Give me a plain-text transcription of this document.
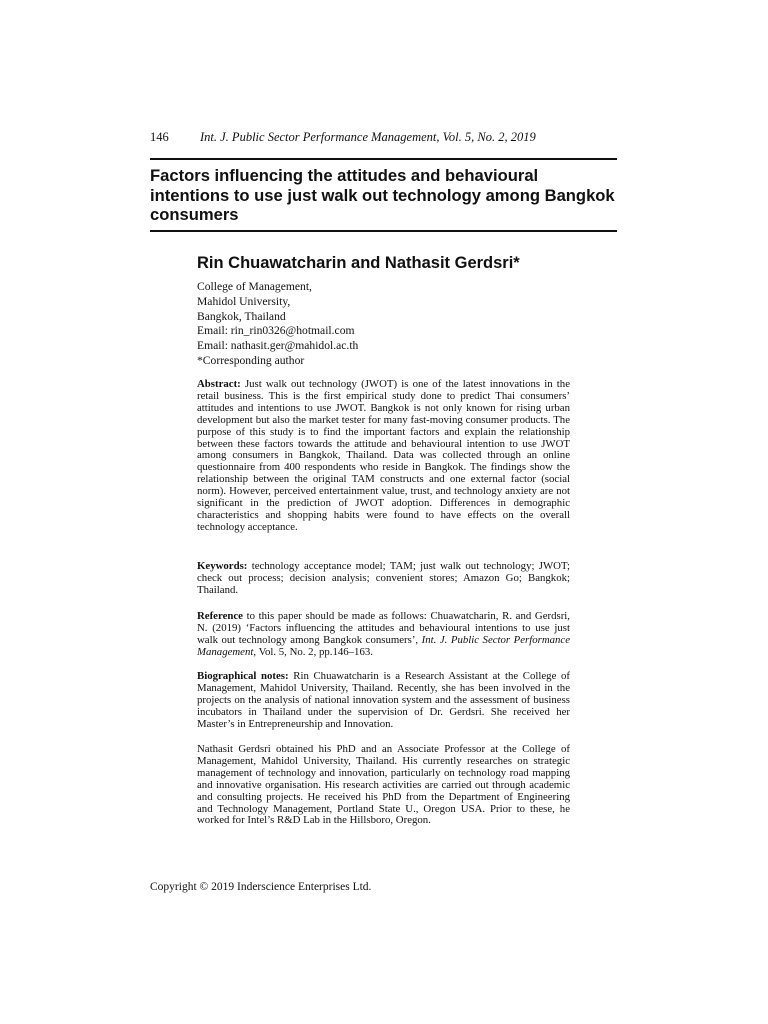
146	Int. J. Public Sector Performance Management, Vol. 5, No. 2, 2019
Factors influencing the attitudes and behavioural intentions to use just walk out technology among Bangkok consumers
Rin Chuawatcharin and Nathasit Gerdsri*
College of Management,
Mahidol University,
Bangkok, Thailand
Email: rin_rin0326@hotmail.com
Email: nathasit.ger@mahidol.ac.th
*Corresponding author

Abstract: Just walk out technology (JWOT) is one of the latest innovations in the retail business. This is the first empirical study done to predict Thai consumers’ attitudes and intentions to use JWOT. Bangkok is not only known for rising urban development but also the market tester for many fast-moving consumer products. The purpose of this study is to find the important factors and explain the relationship between these factors towards the attitude and behavioural intention to use JWOT among consumers in Bangkok, Thailand. Data was collected through an online questionnaire from 400 respondents who reside in Bangkok. The findings show the relationship between the original TAM constructs and one external factor (social norm). However, perceived entertainment value, trust, and technology anxiety are not significant in the prediction of JWOT adoption. Differences in demographic characteristics and shopping habits were found to have effects on the overall technology acceptance.

Keywords: technology acceptance model; TAM; just walk out technology; JWOT; check out process; decision analysis; convenient stores; Amazon Go; Bangkok; Thailand.

Reference to this paper should be made as follows: Chuawatcharin, R. and Gerdsri, N. (2019) ‘Factors influencing the attitudes and behavioural intentions to use just walk out technology among Bangkok consumers’, Int. J. Public Sector Performance Management, Vol. 5, No. 2, pp.146–163.

Biographical notes: Rin Chuawatcharin is a Research Assistant at the College of Management, Mahidol University, Thailand. Recently, she has been involved in the projects on the analysis of national innovation system and the assessment of business incubators in Thailand under the supervision of Dr. Gerdsri. She received her Master’s in Entrepreneurship and Innovation.

Nathasit Gerdsri obtained his PhD and an Associate Professor at the College of Management, Mahidol University, Thailand. His currently researches on strategic management of technology and innovation, particularly on technology road mapping and innovative organisation. His research activities are carried out through academic and consulting projects. He received his PhD from the Department of Engineering and Technology Management, Portland State U., Oregon USA. Prior to these, he worked for Intel’s R&D Lab in the Hillsboro, Oregon.

Copyright © 2019 Inderscience Enterprises Ltd.
